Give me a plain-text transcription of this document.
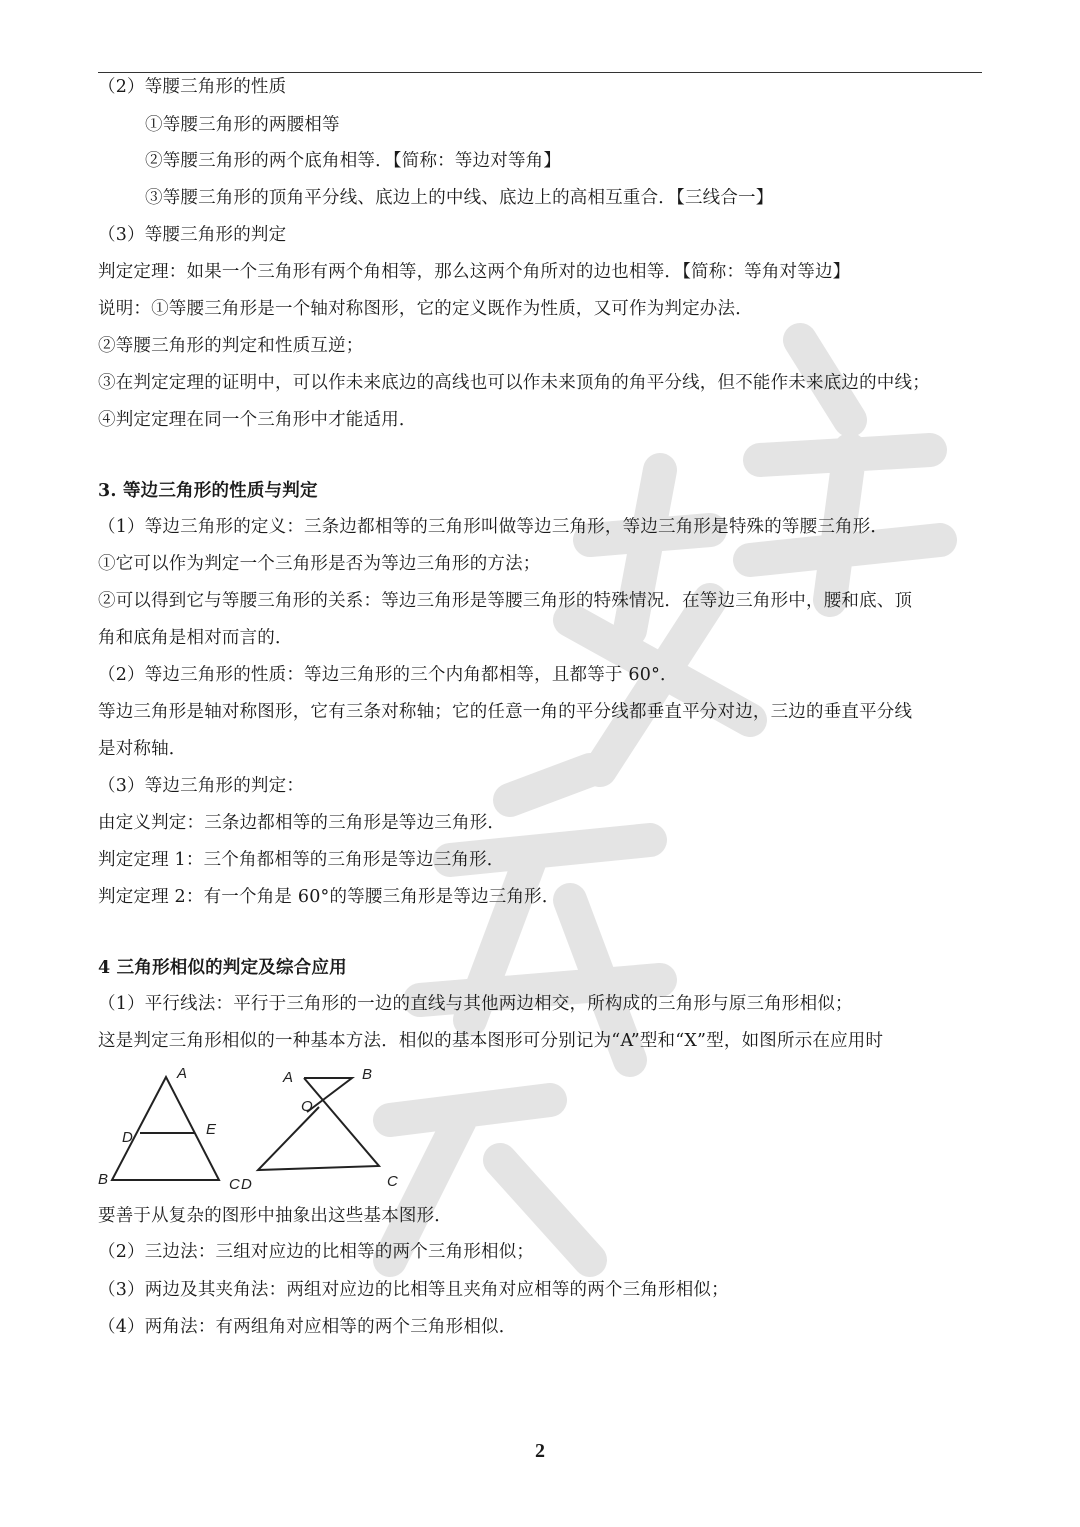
（2）等腰三角形的性质
①等腰三角形的两腰相等
②等腰三角形的两个底角相等．【简称：等边对等角】
③等腰三角形的顶角平分线、底边上的中线、底边上的高相互重合．【三线合一】
（3）等腰三角形的判定
判定定理：如果一个三角形有两个角相等，那么这两个角所对的边也相等．【简称：等角对等边】
说明：①等腰三角形是一个轴对称图形，它的定义既作为性质，又可作为判定办法．
②等腰三角形的判定和性质互逆；
③在判定定理的证明中，可以作未来底边的高线也可以作未来顶角的角平分线，但不能作未来底边的中线；
④判定定理在同一个三角形中才能适用．
3. 等边三角形的性质与判定
（1）等边三角形的定义：三条边都相等的三角形叫做等边三角形，等边三角形是特殊的等腰三角形．
①它可以作为判定一个三角形是否为等边三角形的方法；
②可以得到它与等腰三角形的关系：等边三角形是等腰三角形的特殊情况．在等边三角形中，腰和底、顶
角和底角是相对而言的．
（2）等边三角形的性质：等边三角形的三个内角都相等，且都等于 60°．
等边三角形是轴对称图形，它有三条对称轴；它的任意一角的平分线都垂直平分对边，三边的垂直平分线
是对称轴．
（3）等边三角形的判定：
由定义判定：三条边都相等的三角形是等边三角形．
判定定理 1：三个角都相等的三角形是等边三角形．
判定定理 2：有一个角是 60°的等腰三角形是等边三角形．
4 三角形相似的判定及综合应用
（1）平行线法：平行于三角形的一边的直线与其他两边相交，所构成的三角形与原三角形相似；
这是判定三角形相似的一种基本方法．相似的基本图形可分别记为“A”型和“X”型，如图所示在应用时
A
D	E
B
A	B
O
C
C D
要善于从复杂的图形中抽象出这些基本图形．
（2）三边法：三组对应边的比相等的两个三角形相似；
（3）两边及其夹角法：两组对应边的比相等且夹角对应相等的两个三角形相似；
（4）两角法：有两组角对应相等的两个三角形相似．
2
